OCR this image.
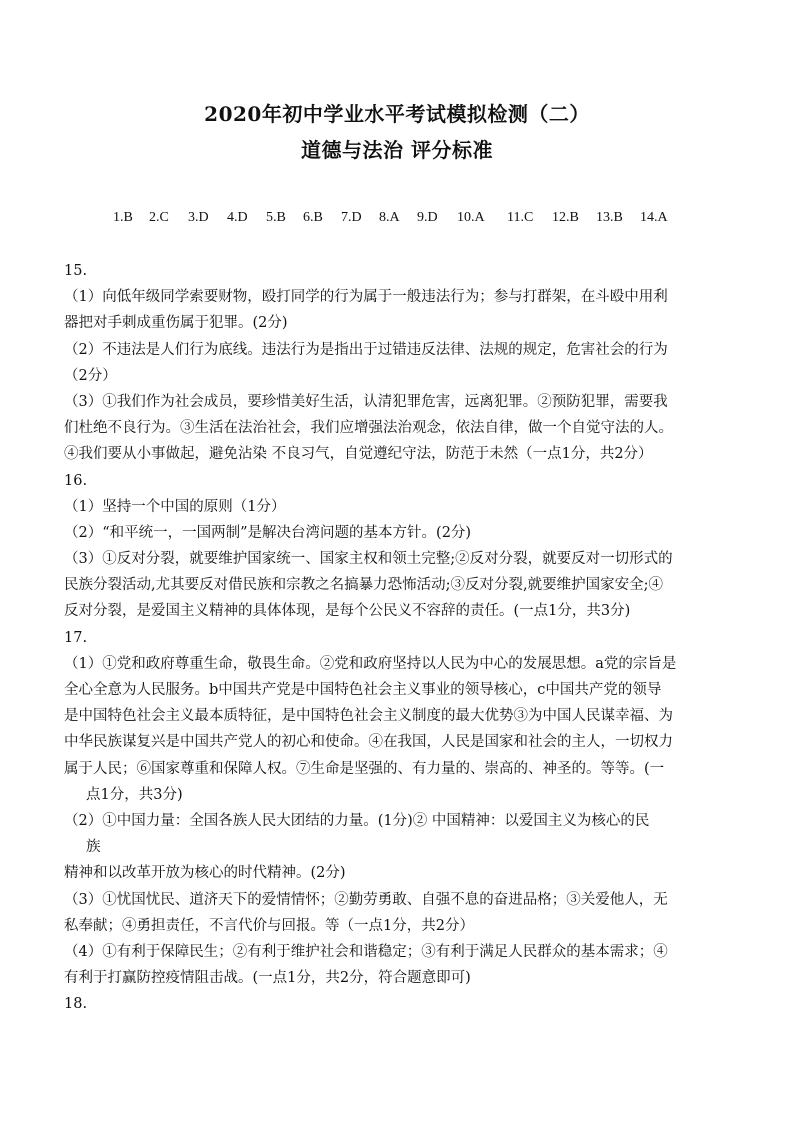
2020年初中学业水平考试模拟检测（二）
道德与法治 评分标准
1.B	2.C	3.D	4.D	5.B	6.B	7.D	8.A	9.D	10.A	11.C	12.B	13.B	14.A
15.
（1）向低年级同学索要财物，殴打同学的行为属于一般违法行为；参与打群架，在斗殴中用利
器把对手刺成重伤属于犯罪。(2分)
（2）不违法是人们行为底线。违法行为是指出于过错违反法律、法规的规定，危害社会的行为
（2分）
（3）①我们作为社会成员，要珍惜美好生活，认清犯罪危害，远离犯罪。②预防犯罪，需要我
们杜绝不良行为。③生活在法治社会，我们应增强法治观念，依法自律，做一个自觉守法的人。
④我们要从小事做起，避免沾染 不良习气，自觉遵纪守法，防范于未然（一点1分，共2分）
16.
（1）坚持一个中国的原则（1分）
（2）“和平统一，一国两制”是解决台湾问题的基本方针。(2分)
（3）①反对分裂，就要维护国家统一、国家主权和领土完整;②反对分裂，就要反对一切形式的
民族分裂活动,尤其要反对借民族和宗教之名搞暴力恐怖活动;③反对分裂,就要维护国家安全;④
反对分裂，是爱国主义精神的具体体现，是每个公民义不容辞的责任。(一点1分，共3分)
17.
（1）①党和政府尊重生命，敬畏生命。②党和政府坚持以人民为中心的发展思想。a党的宗旨是
全心全意为人民服务。b中国共产党是中国特色社会主义事业的领导核心，c中国共产党的领导
是中国特色社会主义最本质特征，是中国特色社会主义制度的最大优势③为中国人民谋幸福、为
中华民族谋复兴是中国共产党人的初心和使命。④在我国，人民是国家和社会的主人，一切权力
属于人民；⑥国家尊重和保障人权。⑦生命是坚强的、有力量的、崇高的、神圣的。等等。(一
点1分，共3分)
（2）①中国力量：全国各族人民大团结的力量。(1分)② 中国精神：以爱国主义为核心的民
族
精神和以改革开放为核心的时代精神。(2分)
（3）①忧国忧民、道济天下的爱情情怀；②勤劳勇敢、自强不息的奋进品格；③关爱他人，无
私奉献；④勇担责任，不言代价与回报。等（一点1分，共2分）
（4）①有利于保障民生；②有利于维护社会和谐稳定；③有利于满足人民群众的基本需求；④
有利于打赢防控疫情阻击战。(一点1分，共2分，符合题意即可)
18.
